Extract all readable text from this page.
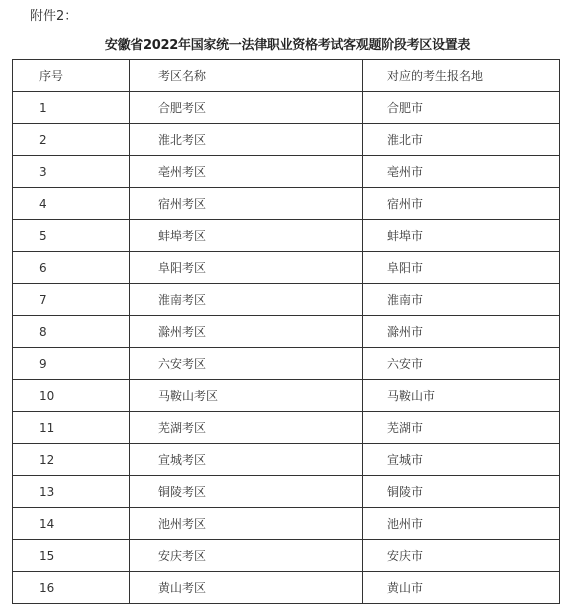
附件2：
安徽省2022年国家统一法律职业资格考试客观题阶段考区设置表
序号	考区名称	对应的考生报名地
1	合肥考区	合肥市
2	淮北考区	淮北市
3	亳州考区	亳州市
4	宿州考区	宿州市
5	蚌埠考区	蚌埠市
6	阜阳考区	阜阳市
7	淮南考区	淮南市
8	滁州考区	滁州市
9	六安考区	六安市
10	马鞍山考区	马鞍山市
11	芜湖考区	芜湖市
12	宣城考区	宣城市
13	铜陵考区	铜陵市
14	池州考区	池州市
15	安庆考区	安庆市
16	黄山考区	黄山市
